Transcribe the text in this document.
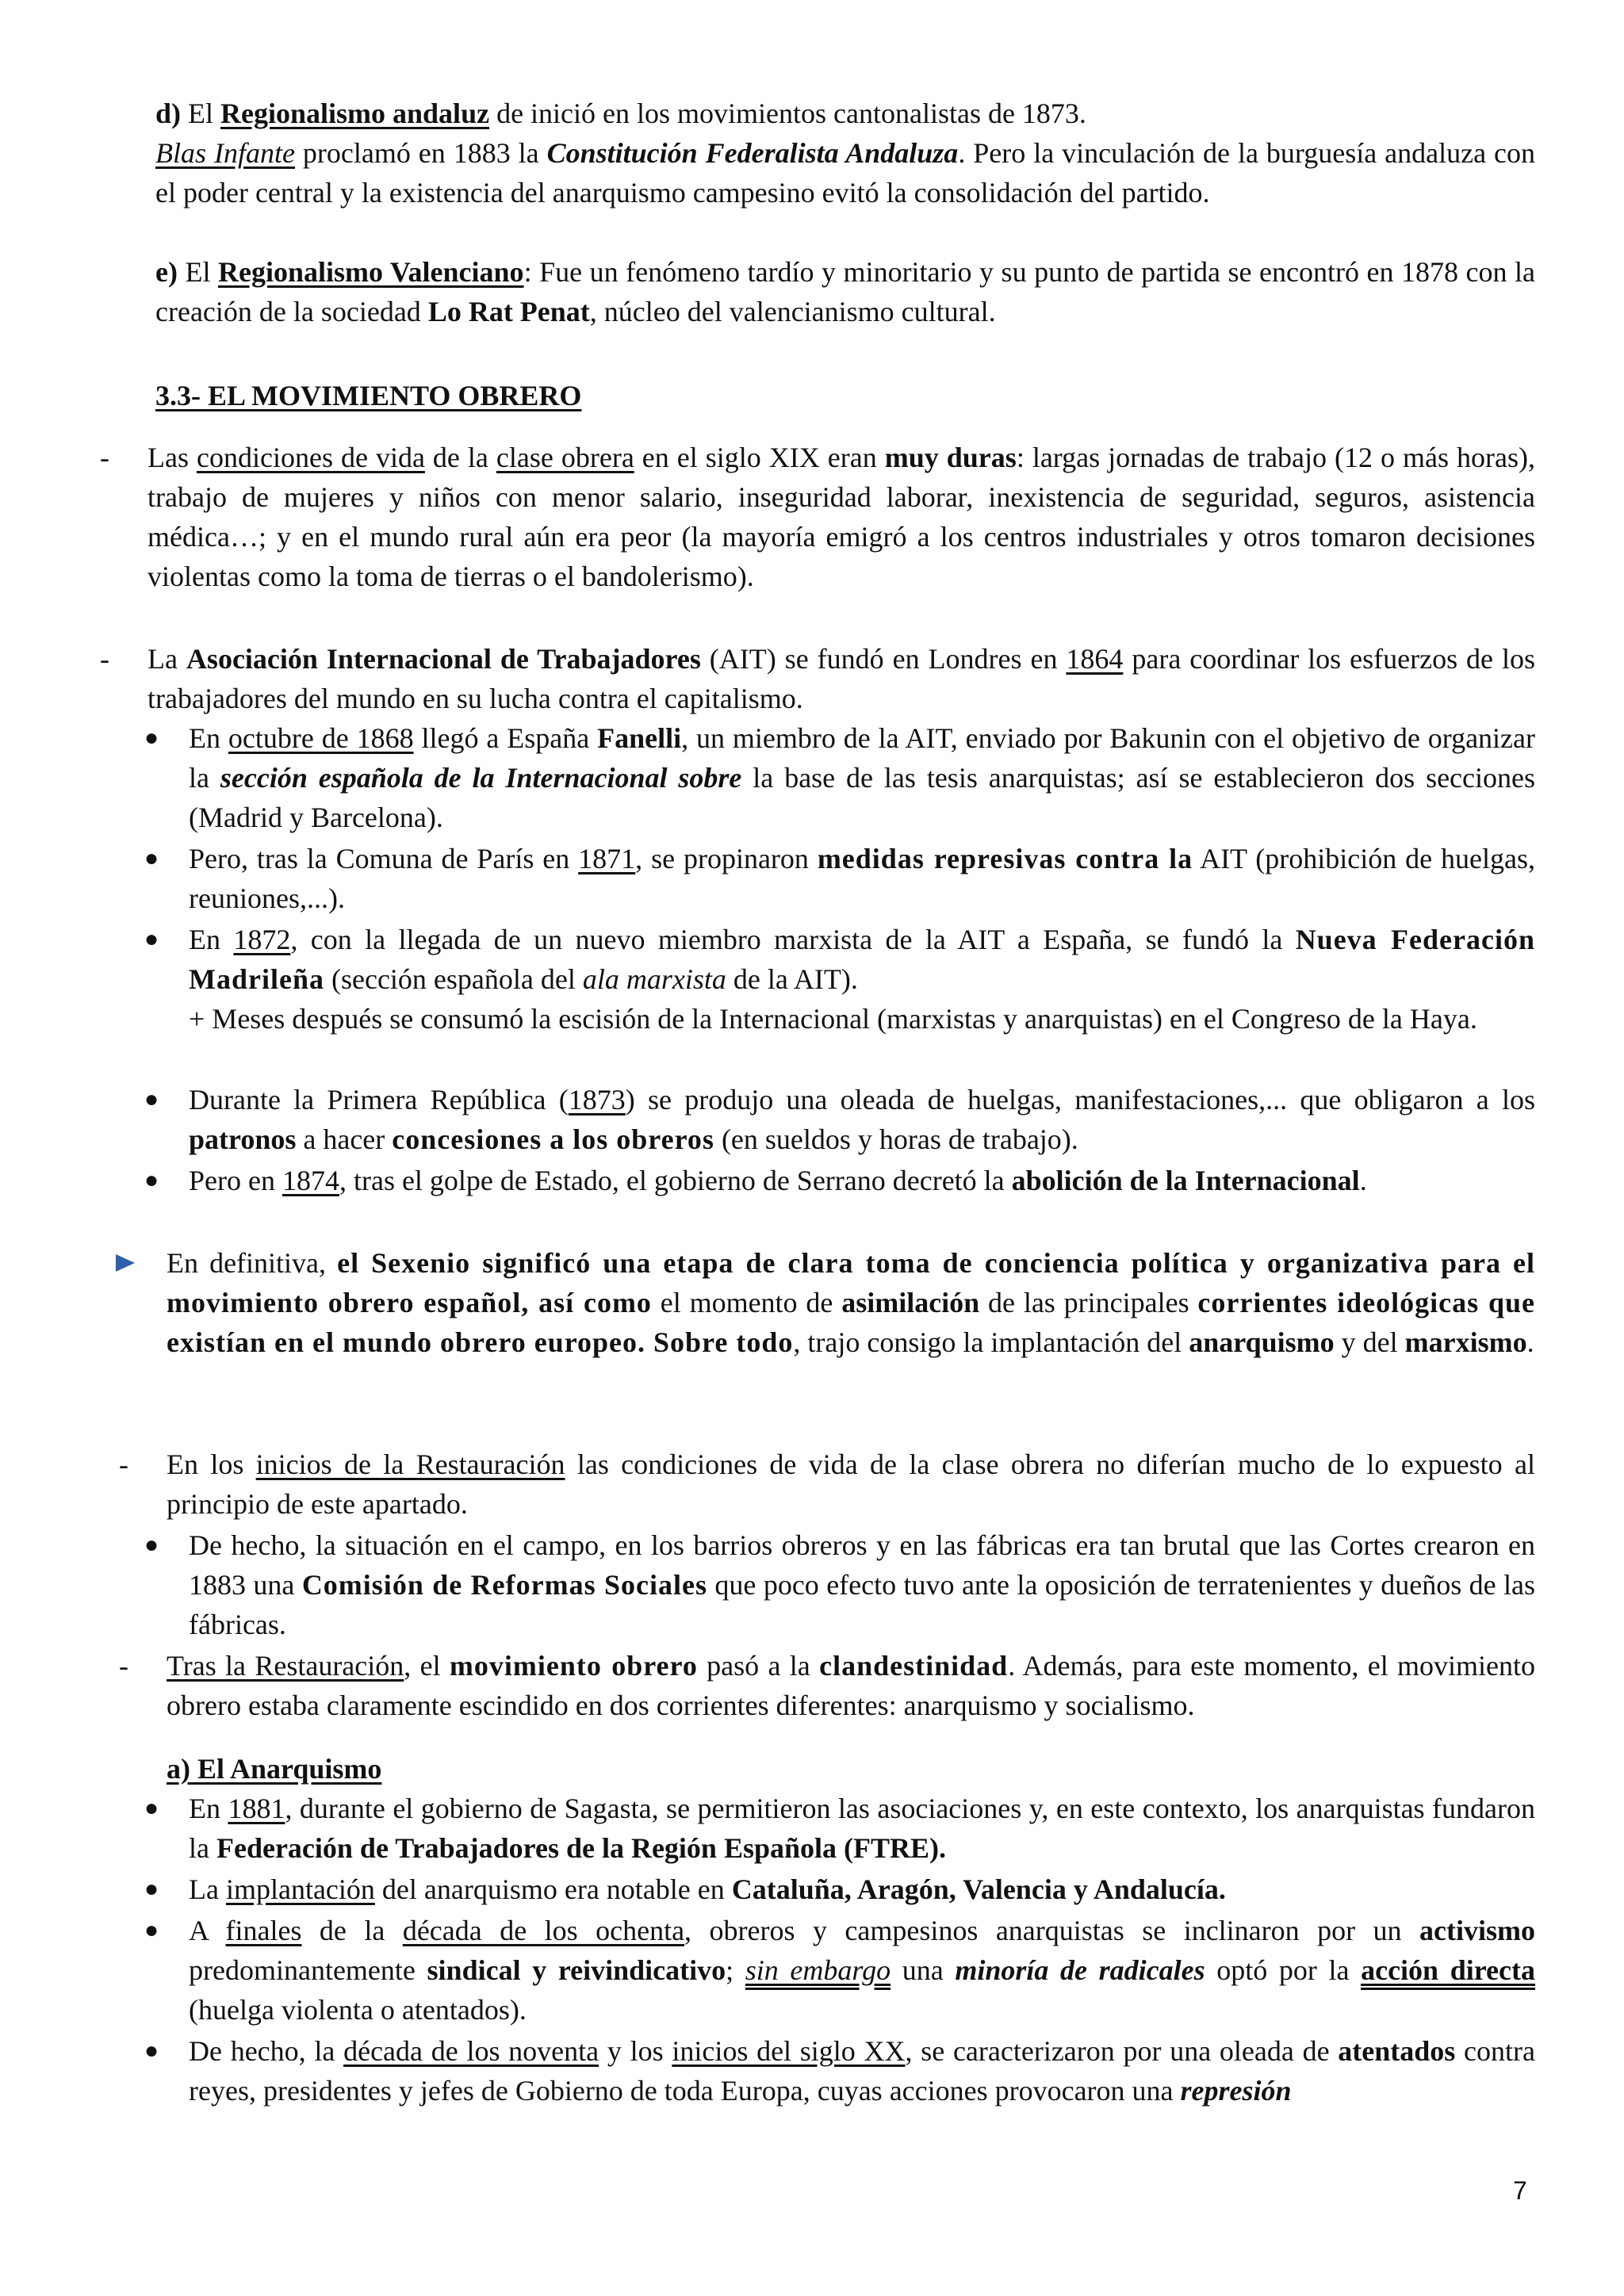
d) El Regionalismo andaluz de inició en los movimientos cantonalistas de 1873.
Blas Infante proclamó en 1883 la Constitución Federalista Andaluza. Pero la vinculación de la burguesía andaluza con el poder central y la existencia del anarquismo campesino evitó la consolidación del partido.

e) El Regionalismo Valenciano: Fue un fenómeno tardío y minoritario y su punto de partida se encontró en 1878 con la creación de la sociedad Lo Rat Penat, núcleo del valencianismo cultural.

3.3- EL MOVIMIENTO OBRERO

- Las condiciones de vida de la clase obrera en el siglo XIX eran muy duras: largas jornadas de trabajo (12 o más horas), trabajo de mujeres y niños con menor salario, inseguridad laborar, inexistencia de seguridad, seguros, asistencia médica…; y en el mundo rural aún era peor (la mayoría emigró a los centros industriales y otros tomaron decisiones violentas como la toma de tierras o el bandolerismo).
- La Asociación Internacional de Trabajadores (AIT) se fundó en Londres en 1864 para coordinar los esfuerzos de los trabajadores del mundo en su lucha contra el capitalismo.
● En octubre de 1868 llegó a España Fanelli, un miembro de la AIT, enviado por Bakunin con el objetivo de organizar la sección española de la Internacional sobre la base de las tesis anarquistas; así se establecieron dos secciones (Madrid y Barcelona).
● Pero, tras la Comuna de París en 1871, se propinaron medidas represivas contra la AIT (prohibición de huelgas, reuniones,...).
● En 1872, con la llegada de un nuevo miembro marxista de la AIT a España, se fundó la Nueva Federación Madrileña (sección española del ala marxista de la AIT).
+ Meses después se consumó la escisión de la Internacional (marxistas y anarquistas) en el Congreso de la Haya.
● Durante la Primera República (1873) se produjo una oleada de huelgas, manifestaciones,... que obligaron a los patronos a hacer concesiones a los obreros (en sueldos y horas de trabajo).
● Pero en 1874, tras el golpe de Estado, el gobierno de Serrano decretó la abolición de la Internacional.
En definitiva, el Sexenio significó una etapa de clara toma de conciencia política y organizativa para el movimiento obrero español, así como el momento de asimilación de las principales corrientes ideológicas que existían en el mundo obrero europeo. Sobre todo, trajo consigo la implantación del anarquismo y del marxismo.
- En los inicios de la Restauración las condiciones de vida de la clase obrera no diferían mucho de lo expuesto al principio de este apartado.
● De hecho, la situación en el campo, en los barrios obreros y en las fábricas era tan brutal que las Cortes crearon en 1883 una Comisión de Reformas Sociales que poco efecto tuvo ante la oposición de terratenientes y dueños de las fábricas.
- Tras la Restauración, el movimiento obrero pasó a la clandestinidad. Además, para este momento, el movimiento obrero estaba claramente escindido en dos corrientes diferentes: anarquismo y socialismo.

a) El Anarquismo

● En 1881, durante el gobierno de Sagasta, se permitieron las asociaciones y, en este contexto, los anarquistas fundaron la Federación de Trabajadores de la Región Española (FTRE).
● La implantación del anarquismo era notable en Cataluña, Aragón, Valencia y Andalucía.
● A finales de la década de los ochenta, obreros y campesinos anarquistas se inclinaron por un activismo predominantemente sindical y reivindicativo; sin embargo una minoría de radicales optó por la acción directa (huelga violenta o atentados).
● De hecho, la década de los noventa y los inicios del siglo XX, se caracterizaron por una oleada de atentados contra reyes, presidentes y jefes de Gobierno de toda Europa, cuyas acciones provocaron una represión
7
